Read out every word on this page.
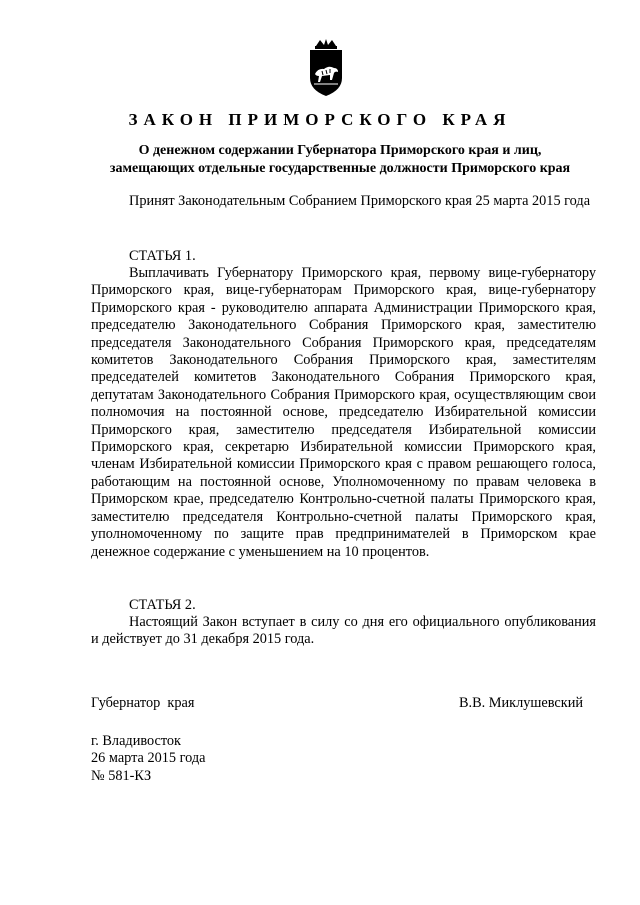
ЗАКОН ПРИМОРСКОГО КРАЯ
О денежном содержании Губернатора Приморского края и лиц,
замещающих отдельные государственные должности Приморского края
Принят Законодательным Собранием Приморского края 25 марта 2015 года
СТАТЬЯ 1.
Выплачивать Губернатору Приморского края, первому вице-губернатору Приморского края, вице-губернаторам Приморского края, вице-губернатору Приморского края - руководителю аппарата Администрации Приморского края, председателю Законодательного Собрания Приморского края, заместителю председателя Законодательного Собрания Приморского края, председателям комитетов Законодательного Собрания Приморского края, заместителям председателей комитетов Законодательного Собрания Приморского края, депутатам Законодательного Собрания Приморского края, осуществляющим свои полномочия на постоянной основе, председателю Избирательной комиссии Приморского края, заместителю председателя Избирательной комиссии Приморского края, секретарю Избирательной комиссии Приморского края, членам Избирательной комиссии Приморского края с правом решающего голоса, работающим на постоянной основе, Уполномоченному по правам человека в Приморском крае, председателю Контрольно-счетной палаты Приморского края, заместителю председателя Контрольно-счетной палаты Приморского края, уполномоченному по защите прав предпринимателей в Приморском крае денежное содержание с уменьшением на 10 процентов.
СТАТЬЯ 2.
Настоящий Закон вступает в силу со дня его официального опубликования и действует до 31 декабря 2015 года.
Губернатор  края	В.В. Миклушевский
г. Владивосток
26 марта 2015 года
№ 581-КЗ
